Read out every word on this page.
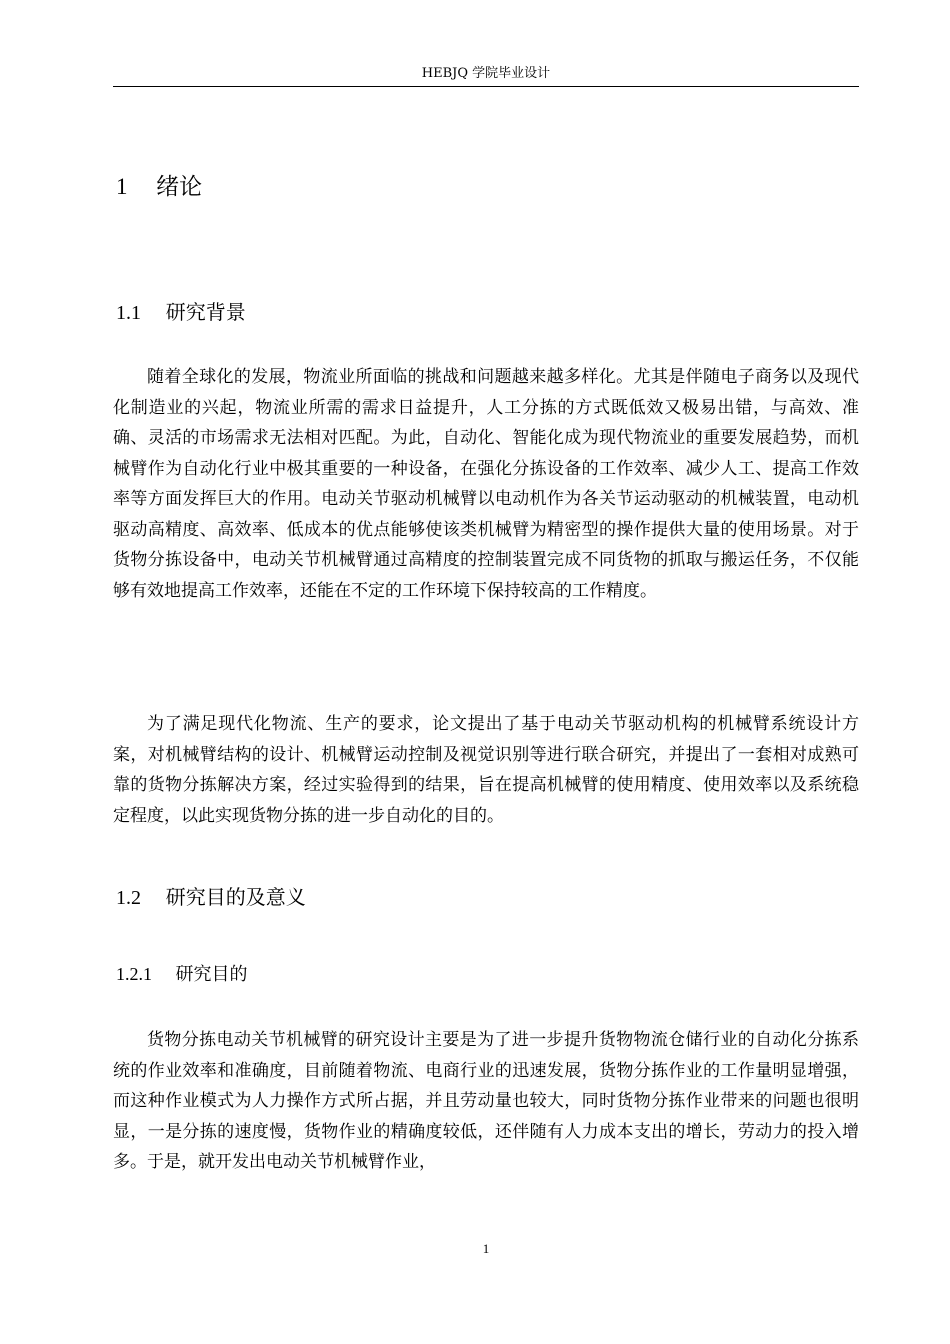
HEBJQ 学院毕业设计
1 绪论
1.1 研究背景

随着全球化的发展，物流业所面临的挑战和问题越来越多样化。尤其是伴随电子商务以及现代化制造业的兴起，物流业所需的需求日益提升，人工分拣的方式既低效又极易出错，与高效、准确、灵活的市场需求无法相对匹配。为此，自动化、智能化成为现代物流业的重要发展趋势，而机械臂作为自动化行业中极其重要的一种设备，在强化分拣设备的工作效率、减少人工、提高工作效率等方面发挥巨大的作用。电动关节驱动机械臂以电动机作为各关节运动驱动的机械装置，电动机驱动高精度、高效率、低成本的优点能够使该类机械臂为精密型的操作提供大量的使用场景。对于货物分拣设备中，电动关节机械臂通过高精度的控制装置完成不同货物的抓取与搬运任务，不仅能够有效地提高工作效率，还能在不定的工作环境下保持较高的工作精度。

为了满足现代化物流、生产的要求，论文提出了基于电动关节驱动机构的机械臂系统设计方案，对机械臂结构的设计、机械臂运动控制及视觉识别等进行联合研究，并提出了一套相对成熟可靠的货物分拣解决方案，经过实验得到的结果，旨在提高机械臂的使用精度、使用效率以及系统稳定程度，以此实现货物分拣的进一步自动化的目的。

1.2 研究目的及意义
1.2.1 研究目的

货物分拣电动关节机械臂的研究设计主要是为了进一步提升货物物流仓储行业的自动化分拣系统的作业效率和准确度，目前随着物流、电商行业的迅速发展，货物分拣作业的工作量明显增强，而这种作业模式为人力操作方式所占据，并且劳动量也较大，同时货物分拣作业带来的问题也很明显，一是分拣的速度慢，货物作业的精确度较低，还伴随有人力成本支出的增长，劳动力的投入增多。于是，就开发出电动关节机械臂作业，

1
